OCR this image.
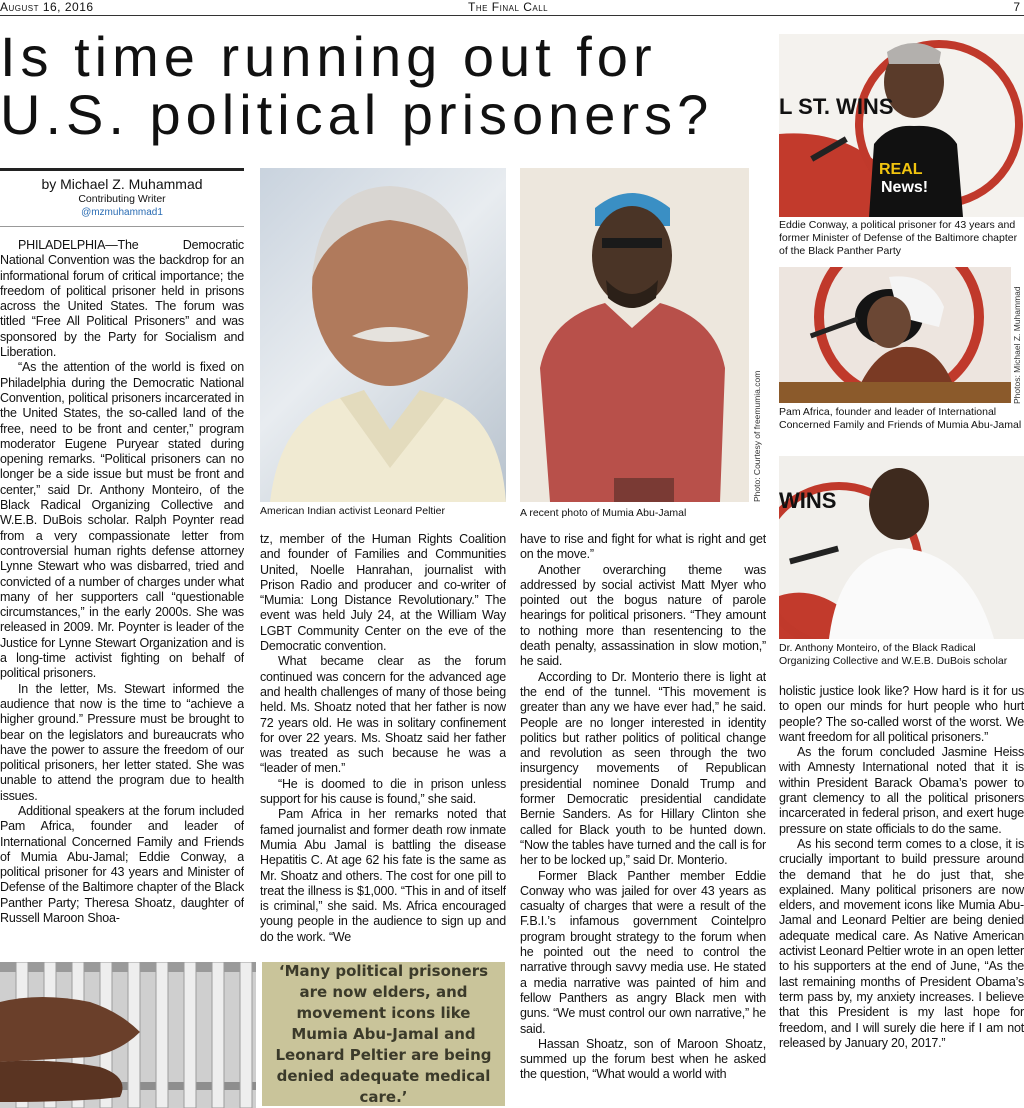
August 16, 2016	The Final Call	7
Is time running out for
U.S. political prisoners?
by Michael Z. Muhammad
Contributing Writer
@mzmuhammad1

PHILADELPHIA—The Democratic National Convention was the backdrop for an informational forum of critical importance; the freedom of political prisoner held in prisons across the United States. The forum was titled “Free All Political Prisoners” and was sponsored by the Party for Socialism and Liberation.

“As the attention of the world is fixed on Philadelphia during the Democratic National Convention, political prisoners incarcerated in the United States, the so-called land of the free, need to be front and center,” program moderator Eugene Puryear stated during opening remarks. “Political prisoners can no longer be a side issue but must be front and center,” said Dr. Anthony Monteiro, of the Black Radical Organizing Collective and W.E.B. DuBois scholar. Ralph Poynter read from a very compassionate letter from controversial human rights defense attorney Lynne Stewart who was disbarred, tried and convicted of a number of charges under what many of her supporters call “questionable circumstances,” in the early 2000s. She was released in 2009. Mr. Poynter is leader of the Justice for Lynne Stewart Organization and is a long-time activist fighting on behalf of political prisoners.

In the letter, Ms. Stewart informed the audience that now is the time to “achieve a higher ground.” Pressure must be brought to bear on the legislators and bureaucrats who have the power to assure the freedom of our political prisoners, her letter stated. She was unable to attend the program due to health issues.

Additional speakers at the forum included Pam Africa, founder and leader of International Concerned Family and Friends of Mumia Abu-Jamal; Eddie Conway, a political prisoner for 43 years and Minister of Defense of the Baltimore chapter of the Black Panther Party; Theresa Shoatz, daughter of Russell Maroon Shoa-

American Indian activist Leonard Peltier
Photo: Courtesy of freemumia.com
A recent photo of Mumia Abu-Jamal

tz, member of the Human Rights Coalition and founder of Families and Communities United, Noelle Hanrahan, journalist with Prison Radio and producer and co-writer of “Mumia: Long Distance Revolutionary.” The event was held July 24, at the William Way LGBT Community Center on the eve of the Democratic convention.

What became clear as the forum continued was concern for the advanced age and health challenges of many of those being held. Ms. Shoatz noted that her father is now 72 years old. He was in solitary confinement for over 22 years. Ms. Shoatz said her father was treated as such because he was a “leader of men.”

“He is doomed to die in prison unless support for his cause is found,” she said.

Pam Africa in her remarks noted that famed journalist and former death row inmate Mumia Abu Jamal is battling the disease Hepatitis C. At age 62 his fate is the same as Mr. Shoatz and others. The cost for one pill to treat the illness is $1,000. “This in and of itself is criminal,” she said. Ms. Africa encouraged young people in the audience to sign up and do the work. “We

have to rise and fight for what is right and get on the move.”

Another overarching theme was addressed by social activist Matt Myer who pointed out the bogus nature of parole hearings for political prisoners. “They amount to nothing more than resentencing to the death penalty, assassination in slow motion,” he said.

According to Dr. Monterio there is light at the end of the tunnel. “This movement is greater than any we have ever had,” he said. People are no longer interested in identity politics but rather politics of political change and revolution as seen through the two insurgency movements of Republican presidential nominee Donald Trump and former Democratic presidential candidate Bernie Sanders. As for Hillary Clinton she called for Black youth to be hunted down. “Now the tables have turned and the call is for her to be locked up,” said Dr. Monterio.

Former Black Panther member Eddie Conway who was jailed for over 43 years as casualty of charges that were a result of the F.B.I.’s infamous government Cointelpro program brought strategy to the forum when he pointed out the need to control the narrative through savvy media use. He stated a media narrative was painted of him and fellow Panthers as angry Black men with guns. “We must control our own narrative,” he said.

Hassan Shoatz, son of Maroon Shoatz, summed up the forum best when he asked the question, “What would a world with

L ST. WINS
REAL
News!
Eddie Conway, a political prisoner for 43 years and former Minister of Defense of the Baltimore chapter of the Black Panther Party
Photos: Michael Z. Muhammad
Pam Africa, founder and leader of International Concerned Family and Friends of Mumia Abu-Jamal
WINS
Dr. Anthony Monteiro, of the Black Radical Organizing Collective and W.E.B. DuBois scholar

holistic justice look like? How hard is it for us to open our minds for hurt people who hurt people? The so-called worst of the worst. We want freedom for all political prisoners.”

As the forum concluded Jasmine Heiss with Amnesty International noted that it is within President Barack Obama’s power to grant clemency to all the political prisoners incarcerated in federal prison, and exert huge pressure on state officials to do the same.

As his second term comes to a close, it is crucially important to build pressure around the demand that he do just that, she explained. Many political prisoners are now elders, and movement icons like Mumia Abu-Jamal and Leonard Peltier are being denied adequate medical care. As Native American activist Leonard Peltier wrote in an open letter to his supporters at the end of June, “As the last remaining months of President Obama’s term pass by, my anxiety increases. I believe that this President is my last hope for freedom, and I will surely die here if I am not released by January 20, 2017.”

‘Many political prisoners are now elders, and movement icons like Mumia Abu-Jamal and Leonard Peltier are being denied adequate medical care.’
